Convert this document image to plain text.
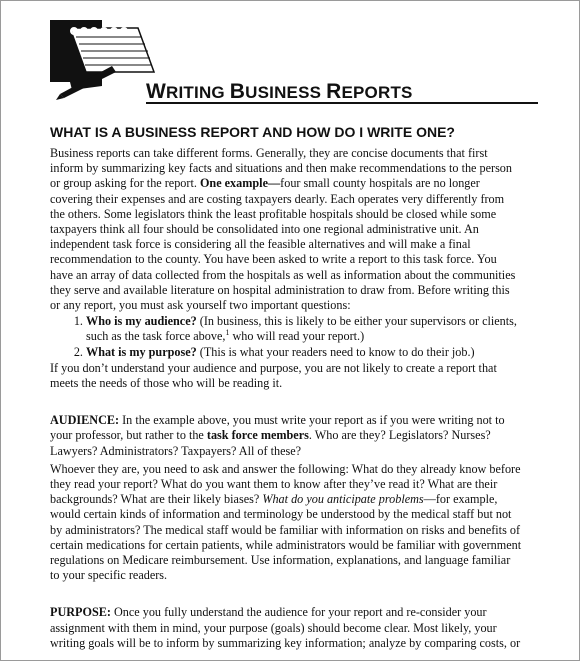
WRITING BUSINESS REPORTS
WHAT IS A BUSINESS REPORT AND HOW DO I WRITE ONE?

Business reports can take different forms. Generally, they are concise documents that first inform by summarizing key facts and situations and then make recommendations to the person or group asking for the report. One example—four small county hospitals are no longer covering their expenses and are costing taxpayers dearly. Each operates very differently from the others. Some legislators think the least profitable hospitals should be closed while some taxpayers think all four should be consolidated into one regional administrative unit. An independent task force is considering all the feasible alternatives and will make a final recommendation to the county. You have been asked to write a report to this task force. You have an array of data collected from the hospitals as well as information about the communities they serve and available literature on hospital administration to draw from. Before writing this or any report, you must ask yourself two important questions:

1. Who is my audience? (In business, this is likely to be either your supervisors or clients, such as the task force above,$^1$ who will read your report.)
2. What is my purpose? (This is what your readers need to know to do their job.)

If you don’t understand your audience and purpose, you are not likely to create a report that meets the needs of those who will be reading it.

AUDIENCE: In the example above, you must write your report as if you were writing not to your professor, but rather to the task force members. Who are they? Legislators? Nurses? Lawyers? Administrators? Taxpayers? All of these?

Whoever they are, you need to ask and answer the following: What do they already know before they read your report? What do you want them to know after they’ve read it? What are their backgrounds? What are their likely biases? What do you anticipate problems—for example, would certain kinds of information and terminology be understood by the medical staff but not by administrators? The medical staff would be familiar with information on risks and benefits of certain medications for certain patients, while administrators would be familiar with government regulations on Medicare reimbursement. Use information, explanations, and language familiar to your specific readers.

PURPOSE: Once you fully understand the audience for your report and re-consider your assignment with them in mind, your purpose (goals) should become clear. Most likely, your writing goals will be to inform by summarizing key information; analyze by comparing costs, or
